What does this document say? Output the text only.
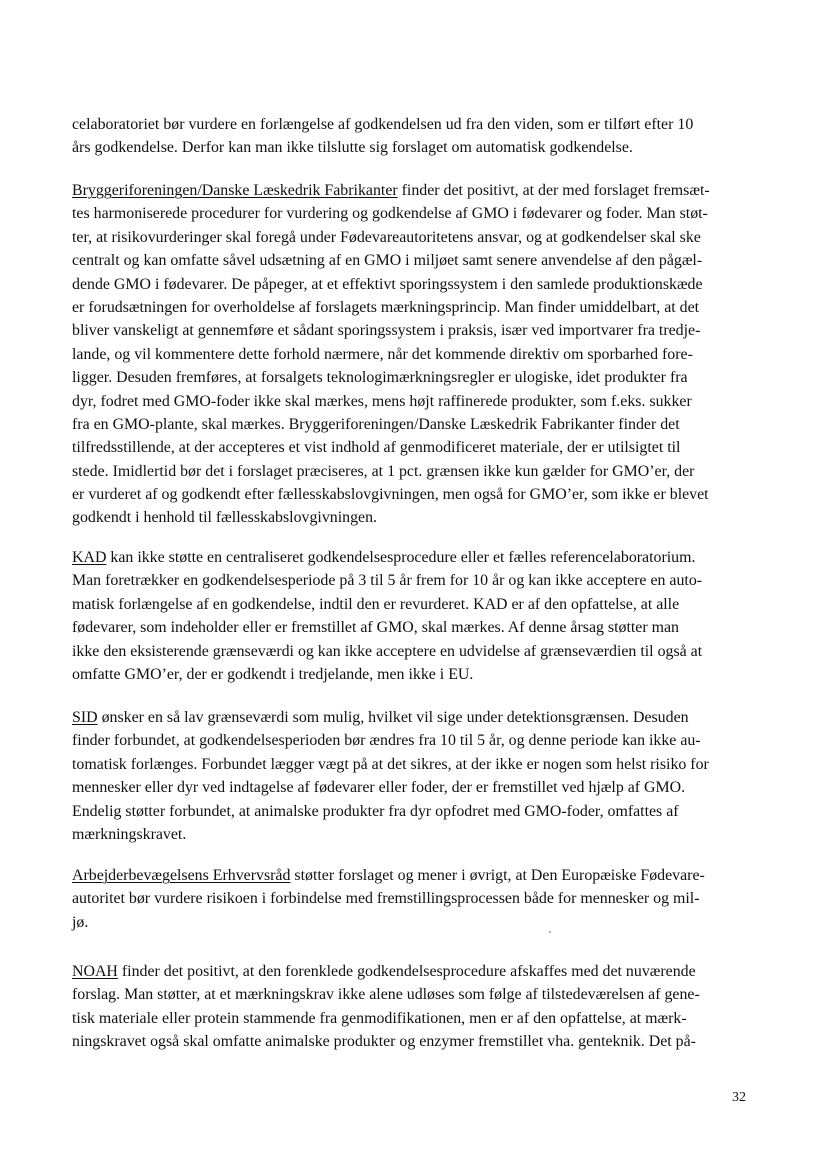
celaboratoriet bør vurdere en forlængelse af godkendelsen ud fra den viden, som er tilført efter 10
års godkendelse. Derfor kan man ikke tilslutte sig forslaget om automatisk godkendelse.
Bryggeriforeningen/Danske Læskedrik Fabrikanter finder det positivt, at der med forslaget fremsæt-
tes harmoniserede procedurer for vurdering og godkendelse af GMO i fødevarer og foder. Man støt-
ter, at risikovurderinger skal foregå under Fødevareautoritetens ansvar, og at godkendelser skal ske
centralt og kan omfatte såvel udsætning af en GMO i miljøet samt senere anvendelse af den pågæl-
dende GMO i fødevarer. De påpeger, at et effektivt sporingssystem i den samlede produktionskæde
er forudsætningen for overholdelse af forslagets mærkningsprincip. Man finder umiddelbart, at det
bliver vanskeligt at gennemføre et sådant sporingssystem i praksis, især ved importvarer fra tredje-
lande, og vil kommentere dette forhold nærmere, når det kommende direktiv om sporbarhed fore-
ligger. Desuden fremføres, at forsalgets teknologimærkningsregler er ulogiske, idet produkter fra
dyr, fodret med GMO-foder ikke skal mærkes, mens højt raffinerede produkter, som f.eks. sukker
fra en GMO-plante, skal mærkes. Bryggeriforeningen/Danske Læskedrik Fabrikanter finder det
tilfredsstillende, at der accepteres et vist indhold af genmodificeret materiale, der er utilsigtet til
stede. Imidlertid bør det i forslaget præciseres, at 1 pct. grænsen ikke kun gælder for GMO’er, der
er vurderet af og godkendt efter fællesskabslovgivningen, men også for GMO’er, som ikke er blevet
godkendt i henhold til fællesskabslovgivningen.
KAD kan ikke støtte en centraliseret godkendelsesprocedure eller et fælles referencelaboratorium.
Man foretrækker en godkendelsesperiode på 3 til 5 år frem for 10 år og kan ikke acceptere en auto-
matisk forlængelse af en godkendelse, indtil den er revurderet. KAD er af den opfattelse, at alle
fødevarer, som indeholder eller er fremstillet af GMO, skal mærkes. Af denne årsag støtter man
ikke den eksisterende grænseværdi og kan ikke acceptere en udvidelse af grænseværdien til også at
omfatte GMO’er, der er godkendt i tredjelande, men ikke i EU.
SID ønsker en så lav grænseværdi som mulig, hvilket vil sige under detektionsgrænsen. Desuden
finder forbundet, at godkendelsesperioden bør ændres fra 10 til 5 år, og denne periode kan ikke au-
tomatisk forlænges. Forbundet lægger vægt på at det sikres, at der ikke er nogen som helst risiko for
mennesker eller dyr ved indtagelse af fødevarer eller foder, der er fremstillet ved hjælp af GMO.
Endelig støtter forbundet, at animalske produkter fra dyr opfodret med GMO-foder, omfattes af
mærkningskravet.
Arbejderbevægelsens Erhvervsråd støtter forslaget og mener i øvrigt, at Den Europæiske Fødevare-
autoritet bør vurdere risikoen i forbindelse med fremstillingsprocessen både for mennesker og mil-
jø.
NOAH finder det positivt, at den forenklede godkendelsesprocedure afskaffes med det nuværende
forslag. Man støtter, at et mærkningskrav ikke alene udløses som følge af tilstedeværelsen af gene-
tisk materiale eller protein stammende fra genmodifikationen, men er af den opfattelse, at mærk-
ningskravet også skal omfatte animalske produkter og enzymer fremstillet vha. genteknik. Det på-
32
